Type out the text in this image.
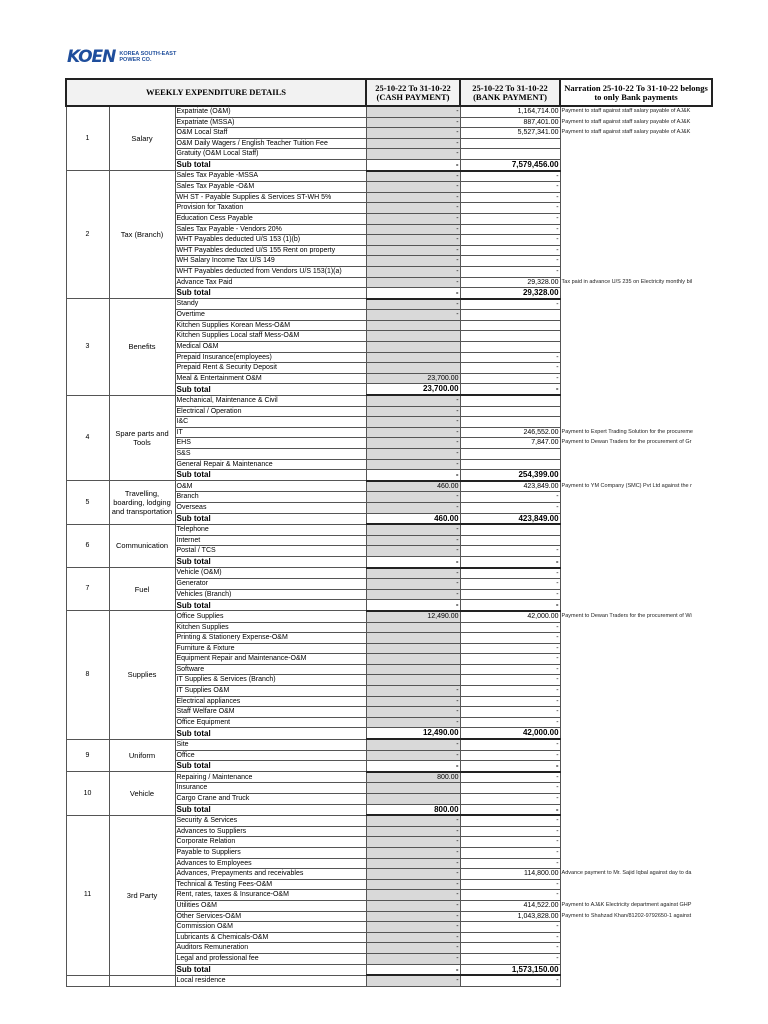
KOEN KOREA SOUTH-EAST
POWER CO.
WEEKLY EXPENDITURE DETAILS			25-10-22 To 31-10-22 (CASH PAYMENT)	25-10-22 To 31-10-22 (BANK PAYMENT)	Narration 25-10-22 To 31-10-22 belongs to only Bank payments
1	Salary	Expatriate (O&M)	-	1,164,714.00	Payment to staff against staff salary payable of AJ&K
		Expatriate (MSSA)	-	887,401.00	Payment to staff against staff salary payable of AJ&K
		O&M Local Staff	-	5,527,341.00	Payment to staff against staff salary payable of AJ&K
		O&M Daily Wagers / English Teacher Tuition Fee	-		
		Gratuity (O&M Local Staff)	-		
		Sub total	-	7,579,456.00	
2	Tax (Branch)	Sales Tax Payable -MSSA	-	-	
		Sales Tax Payable -O&M	-	-	
		WH ST - Payable Supplies & Services ST-WH 5%	-	-	
		Provision for Taxation	-	-	
		Education Cess Payable	-	-	
		Sales Tax Payable - Vendors 20%	-	-	
		WHT Payables deducted U/S 153 (1)(b)	-	-	
		WHT Payables deducted U/S 155 Rent on property	-	-	
		WH Salary Income Tax U/S 149	-	-	
		WHT Payables deducted from Vendors U/S 153(1)(a)	-	-	
		Advance Tax Paid	-	29,328.00	Tax paid in advance U/S 235 on Electricity monthly bil
		Sub total	-	29,328.00	
3	Benefits	Standy	-	-	
		Overtime	-		
		Kitchen Supplies Korean Mess-O&M			
		Kitchen Supplies Local staff Mess-O&M			
		Medical O&M			
		Prepaid Insurance(employees)		-	
		Prepaid Rent & Security Deposit		-	
		Meal & Entertainment O&M	23,700.00	-	
		Sub total	23,700.00	-	
4	Spare parts and Tools	Mechanical, Maintenance & Civil	-		
		Electrical / Operation	-		
		I&C	-		
		IT	-	246,552.00	Payment to Expert Trading Solution for the procureme
		EHS	-	7,847.00	Payment to Dewan Traders for the procurement of Gr
		S&S	-		
		General Repair & Maintenance	-		
		Sub total	-	254,399.00	
5	Travelling, boarding, lodging and transportation	O&M	460.00	423,849.00	Payment to YM Company (SMC) Pvt Ltd against the r
		Branch	-	-	
		Overseas	-	-	
		Sub total	460.00	423,849.00	
6	Communication	Telephone	-		
		Internet	-		
		Postal / TCS	-	-	
		Sub total	-	-	
7	Fuel	Vehicle (O&M)	-	-	
		Generator	-	-	
		Vehicles (Branch)	-	-	
		Sub total	-	-	
8	Supplies	Office Supplies	12,490.00	42,000.00	Payment to Dewan Traders for the procurement of Wi
		Kitchen Supplies		-	
		Printing & Stationery Expense-O&M		-	
		Furniture & Fixture		-	
		Equipment Repair and Maintenance-O&M		-	
		Software		-	
		IT Supplies & Services (Branch)		-	
		IT Supplies O&M	-	-	
		Electrical appliances	-	-	
		Staff Welfare O&M	-	-	
		Office Equipment	-	-	
		Sub total	12,490.00	42,000.00	
9	Uniform	Site	-	-	
		Office	-	-	
		Sub total	-	-	
10	Vehicle	Repairing / Maintenance	800.00	-	
		Insurance		-	
		Cargo Crane and Truck		-	
		Sub total	800.00	-	
11	3rd Party	Security & Services	-	-	
		Advances to Suppliers	-	-	
		Corporate Relation	-	-	
		Payable to Suppliers	-	-	
		Advances to Employees	-	-	
		Advances, Prepayments and receivables	-	114,800.00	Advance payment to Mr. Sajid Iqbal against day to da
		Technical & Testing Fees-O&M	-	-	
		Rent, rates, taxes & Insurance-O&M	-	-	
		Utilities O&M	-	414,522.00	Payment to AJ&K Electricity department against GHP
		Other Services-O&M	-	1,043,828.00	Payment to Shahzad Khan/81202-9792650-1 against
		Commission O&M	-	-	
		Lubricants & Chemicals-O&M	-	-	
		Auditors Remuneration	-	-	
		Legal and professional fee	-	-	
		Sub total	-	1,573,150.00	
		Local residence	-	-	
